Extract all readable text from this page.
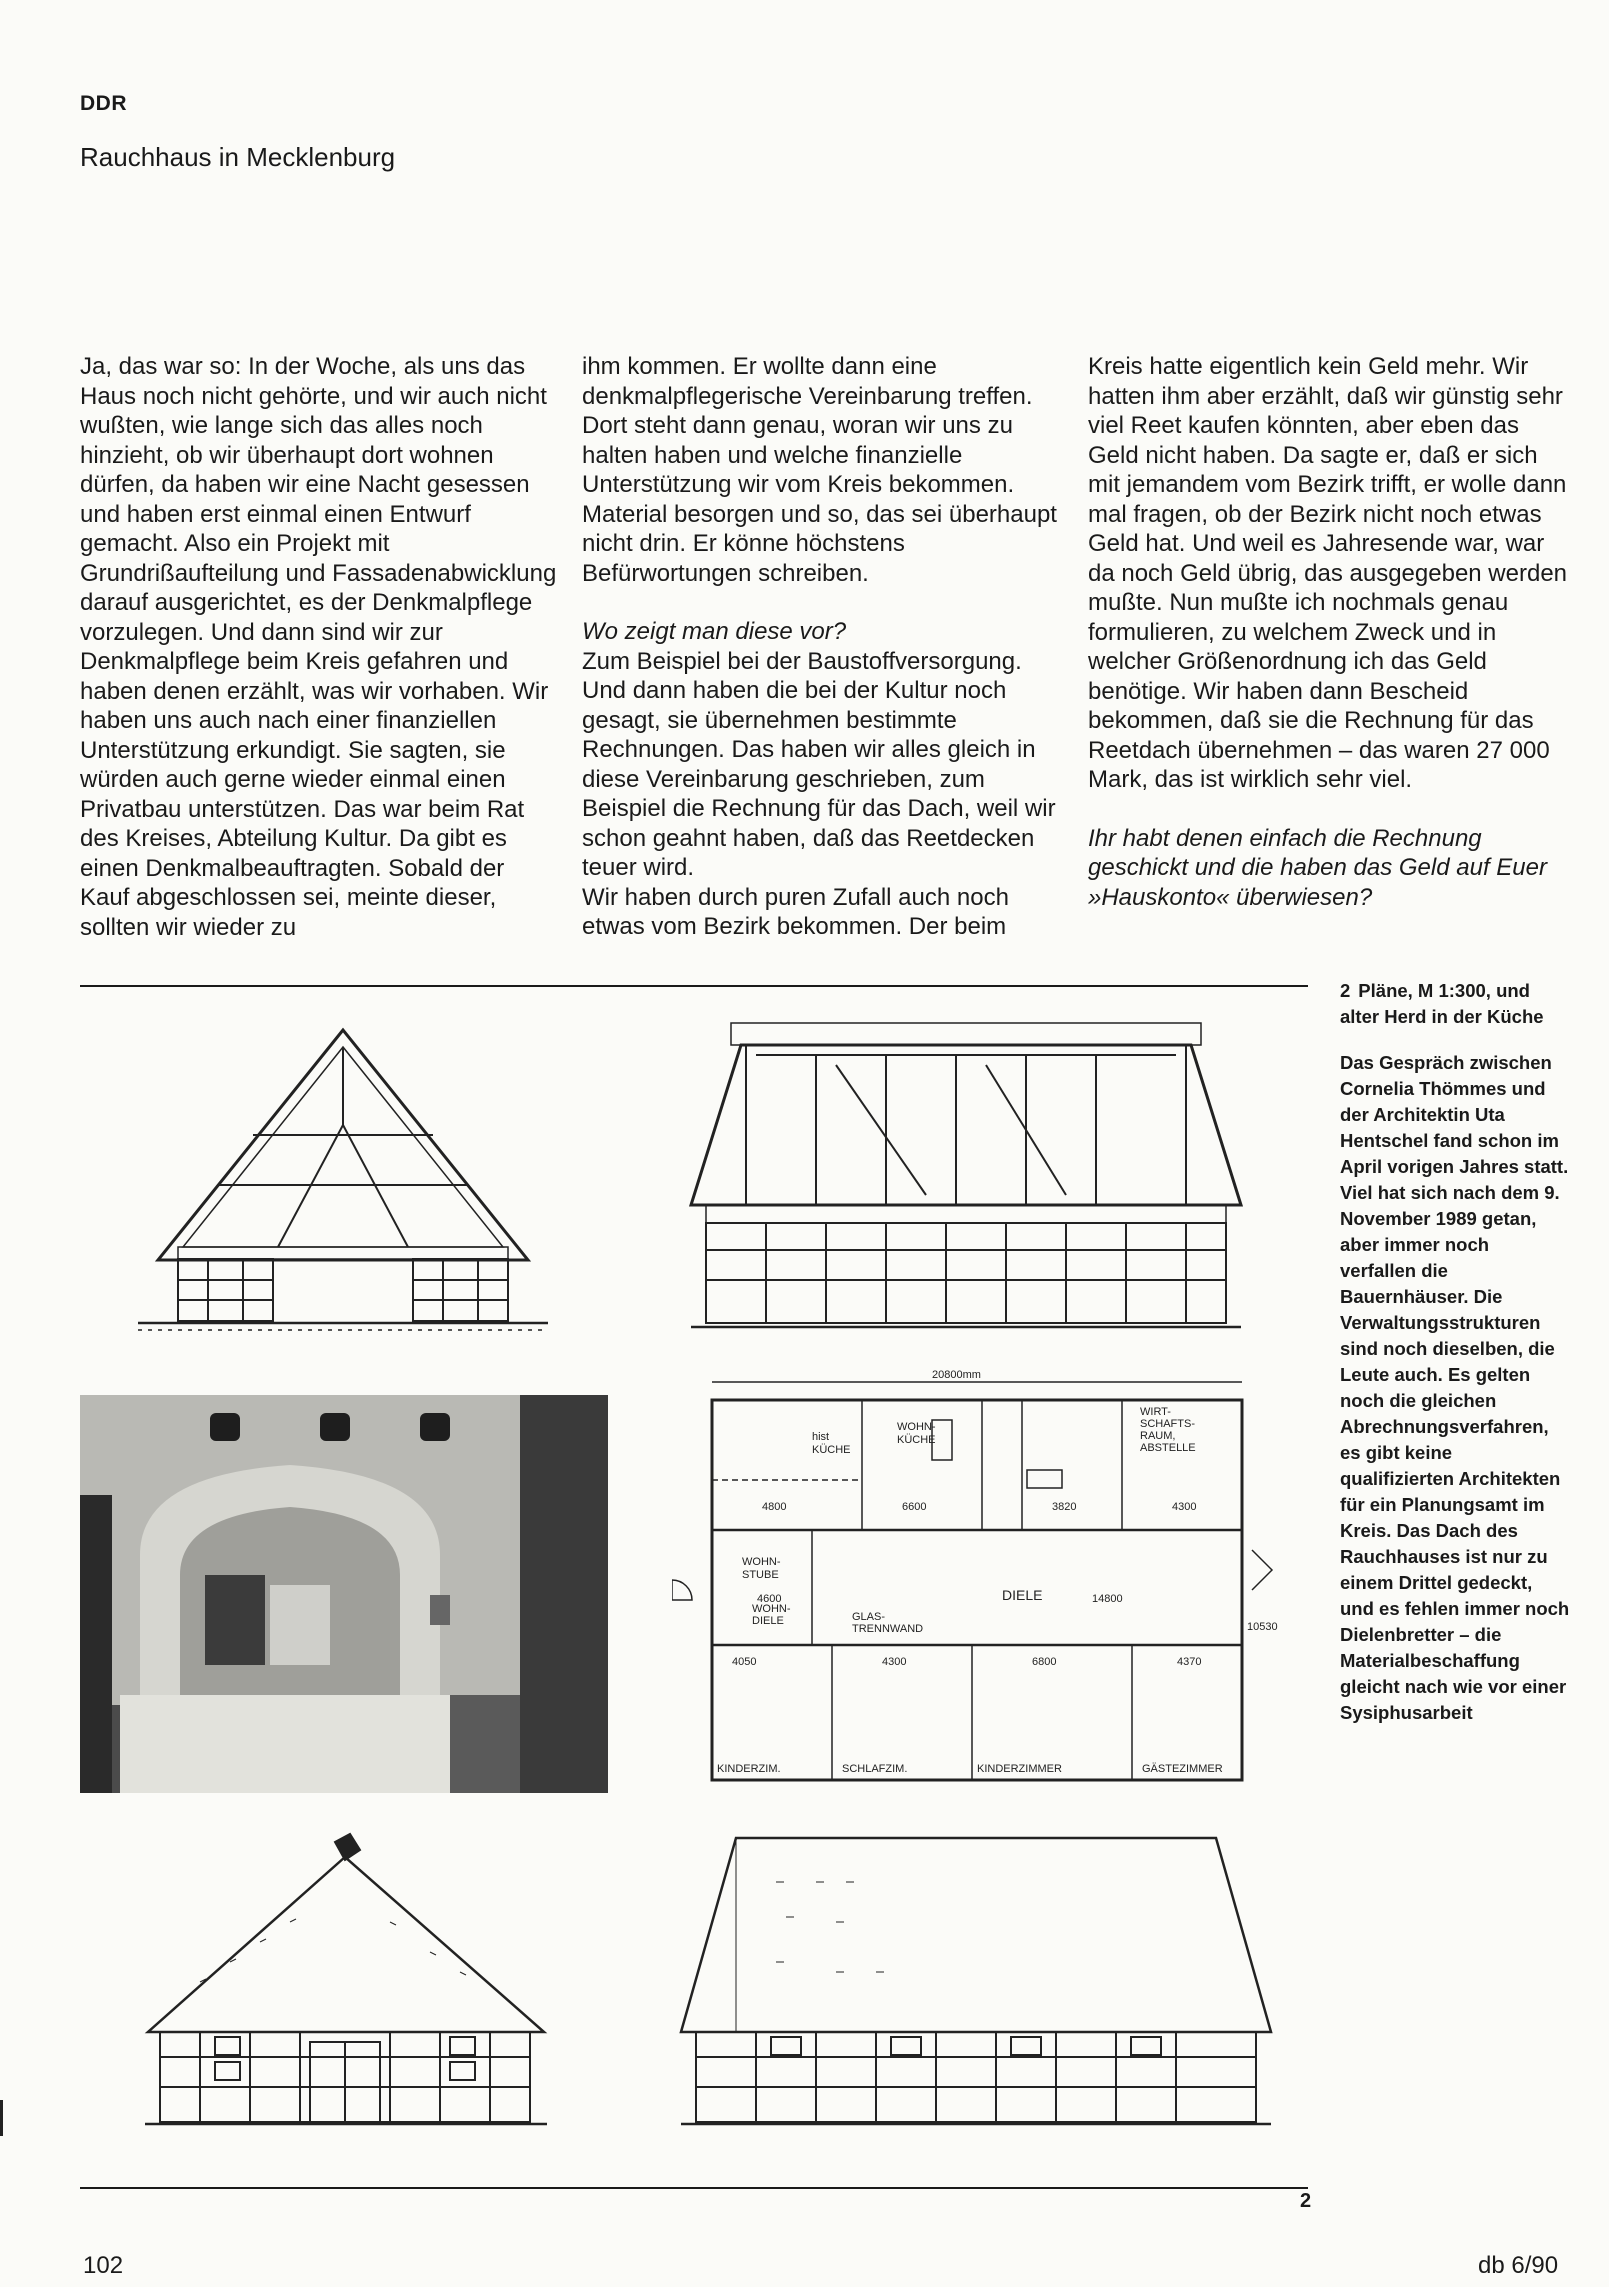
DDR
Rauchhaus in Mecklenburg

Ja, das war so: In der Woche, als uns das Haus noch nicht gehörte, und wir auch nicht wußten, wie lange sich das alles noch hinzieht, ob wir überhaupt dort wohnen dürfen, da haben wir eine Nacht gesessen und haben erst einmal einen Entwurf gemacht. Also ein Projekt mit Grundrißaufteilung und Fassadenabwicklung darauf ausgerichtet, es der Denkmalpflege vorzulegen. Und dann sind wir zur Denkmalpflege beim Kreis gefahren und haben denen erzählt, was wir vorhaben. Wir haben uns auch nach einer finanziellen Unterstützung erkundigt. Sie sagten, sie würden auch gerne wieder einmal einen Privatbau unterstützen. Das war beim Rat des Kreises, Abteilung Kultur. Da gibt es einen Denkmalbeauftragten. Sobald der Kauf abgeschlossen sei, meinte dieser, sollten wir wieder zu

ihm kommen. Er wollte dann eine denkmalpflegerische Vereinbarung treffen. Dort steht dann genau, woran wir uns zu halten haben und welche finanzielle Unterstützung wir vom Kreis bekommen. Material besorgen und so, das sei überhaupt nicht drin. Er könne höchstens Befürwortungen schreiben.

Wo zeigt man diese vor?

Zum Beispiel bei der Baustoffversorgung. Und dann haben die bei der Kultur noch gesagt, sie übernehmen bestimmte Rechnungen. Das haben wir alles gleich in diese Vereinbarung geschrieben, zum Beispiel die Rechnung für das Dach, weil wir schon geahnt haben, daß das Reetdecken teuer wird.

Wir haben durch puren Zufall auch noch etwas vom Bezirk bekommen. Der beim

Kreis hatte eigentlich kein Geld mehr. Wir hatten ihm aber erzählt, daß wir günstig sehr viel Reet kaufen könnten, aber eben das Geld nicht haben. Da sagte er, daß er sich mit jemandem vom Bezirk trifft, er wolle dann mal fragen, ob der Bezirk nicht noch etwas Geld hat. Und weil es Jahresende war, war da noch Geld übrig, das ausgegeben werden mußte. Nun mußte ich nochmals genau formulieren, zu welchem Zweck und in welcher Größenordnung ich das Geld benötige. Wir haben dann Bescheid bekommen, daß sie die Rechnung für das Reetdach übernehmen – das waren 27 000 Mark, das ist wirklich sehr viel.

Ihr habt denen einfach die Rechnung geschickt und die haben das Geld auf Euer »Hauskonto« überwiesen?

2 Pläne, M 1:300, und alter Herd in der Küche
Das Gespräch zwischen Cornelia Thömmes und der Architektin Uta Hentschel fand schon im April vorigen Jahres statt. Viel hat sich nach dem 9. November 1989 getan, aber immer noch verfallen die Bauernhäuser. Die Verwaltungsstrukturen sind noch dieselben, die Leute auch. Es gelten noch die gleichen Abrechnungsverfahren, es gibt keine qualifizierten Architekten für ein Planungsamt im Kreis. Das Dach des Rauchhauses ist nur zu einem Drittel gedeckt, und es fehlen immer noch Dielenbretter – die Materialbeschaffung gleicht nach wie vor einer Sysiphusarbeit
20800mm
WOHN-
KÜCHE
hist
KÜCHE
WIRT-
SCHAFTS-
RAUM,
ABSTELLE
WOHN-
STUBE
DIELE
WOHN-
DIELE	GLAS-
TRENNWAND
KINDERZIM.	SCHLAFZIM.	KINDERZIMMER	GÄSTEZIMMER
4800	6600	3820	4300
4600	14800
4050	4300	6800	4370
10530
2
102	db 6/90
